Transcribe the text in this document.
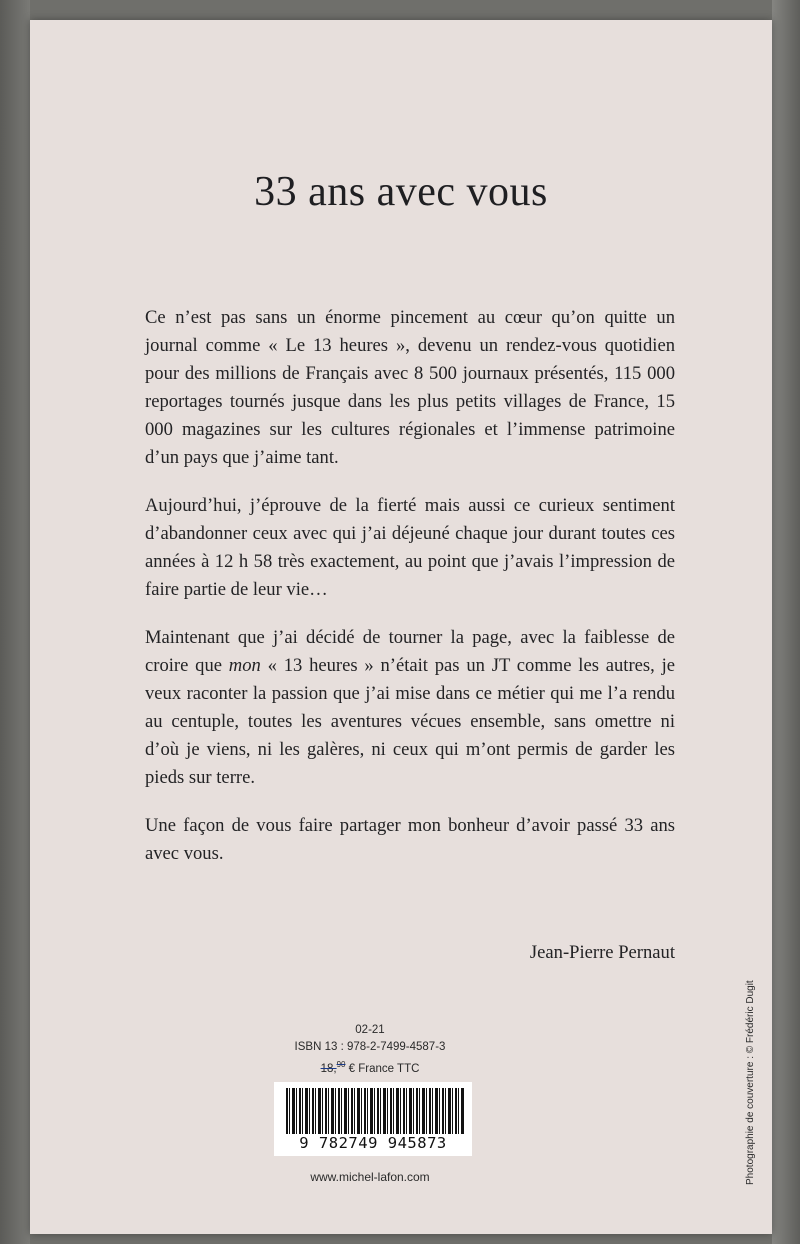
33 ans avec vous

Ce n’est pas sans un énorme pincement au cœur qu’on quitte un journal comme « Le 13 heures », devenu un rendez-vous quotidien pour des millions de Français avec 8 500 journaux présentés, 115 000 reportages tournés jusque dans les plus petits villages de France, 15 000 magazines sur les cultures régionales et l’immense patrimoine d’un pays que j’aime tant.

Aujourd’hui, j’éprouve de la fierté mais aussi ce curieux sentiment d’abandonner ceux avec qui j’ai déjeuné chaque jour durant toutes ces années à 12 h 58 très exactement, au point que j’avais l’impression de faire partie de leur vie…

Maintenant que j’ai décidé de tourner la page, avec la faiblesse de croire que mon « 13 heures » n’était pas un JT comme les autres, je veux raconter la passion que j’ai mise dans ce métier qui me l’a rendu au centuple, toutes les aventures vécues ensemble, sans omettre ni d’où je viens, ni les galères, ni ceux qui m’ont permis de garder les pieds sur terre.

Une façon de vous faire partager mon bonheur d’avoir passé 33 ans avec vous.

Jean-Pierre Pernaut

02-21
ISBN 13 : 978-2-7499-4587-3
18,90 € France TTC
9 782749 945873
www.michel-lafon.com	Photographie de couverture : © Frédéric Dugit
